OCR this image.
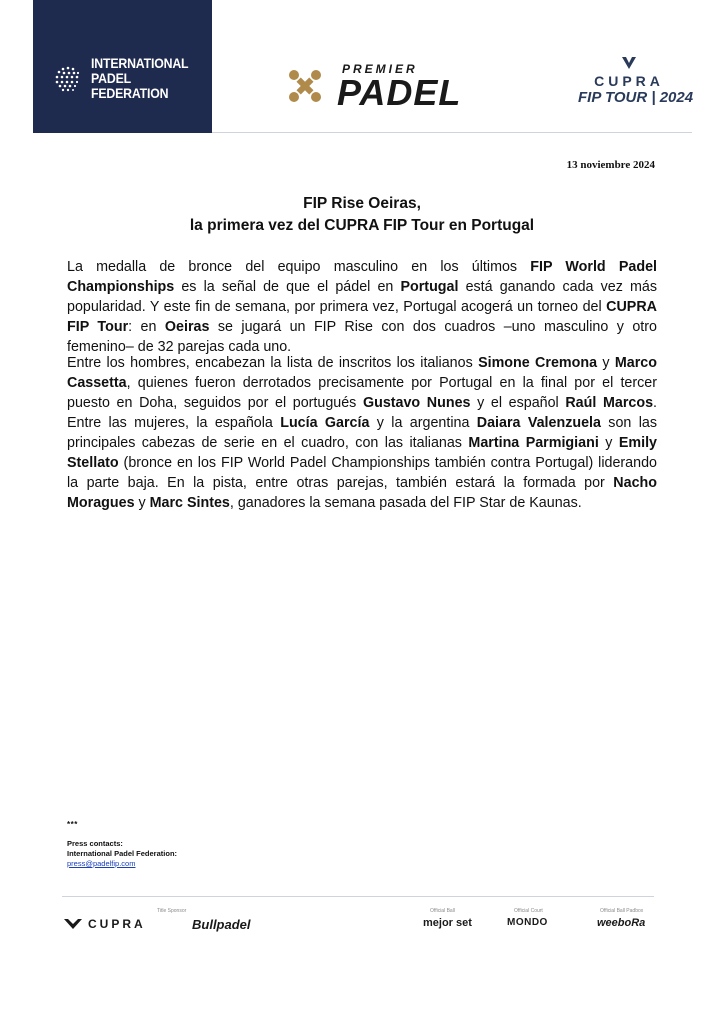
INTERNATIONAL
PADEL
FEDERATION
PREMIER
PADEL	CUPRA
FIP TOUR | 2024
13 noviembre 2024
FIP Rise Oeiras,
la primera vez del CUPRA FIP Tour en Portugal

La medalla de bronce del equipo masculino en los últimos FIP World Padel Championships es la señal de que el pádel en Portugal está ganando cada vez más popularidad. Y este fin de semana, por primera vez, Portugal acogerá un torneo del CUPRA FIP Tour: en Oeiras se jugará un FIP Rise con dos cuadros –uno masculino y otro femenino– de 32 parejas cada uno.

Entre los hombres, encabezan la lista de inscritos los italianos Simone Cremona y Marco Cassetta, quienes fueron derrotados precisamente por Portugal en la final por el tercer puesto en Doha, seguidos por el portugués Gustavo Nunes y el español Raúl Marcos. Entre las mujeres, la española Lucía García y la argentina Daiara Valenzuela son las principales cabezas de serie en el cuadro, con las italianas Martina Parmigiani y Emily Stellato (bronce en los FIP World Padel Championships también contra Portugal) liderando la parte baja. En la pista, entre otras parejas, también estará la formada por Nacho Moragues y Marc Sintes, ganadores la semana pasada del FIP Star de Kaunas.

***
Press contacts:
International Padel Federation:
press@padelfip.com
Title Sponsor	Official Ball	Official Court	Official Ball Padbox
CUPRA	Bullpadel	mejor set	MONDO	weeboRa
